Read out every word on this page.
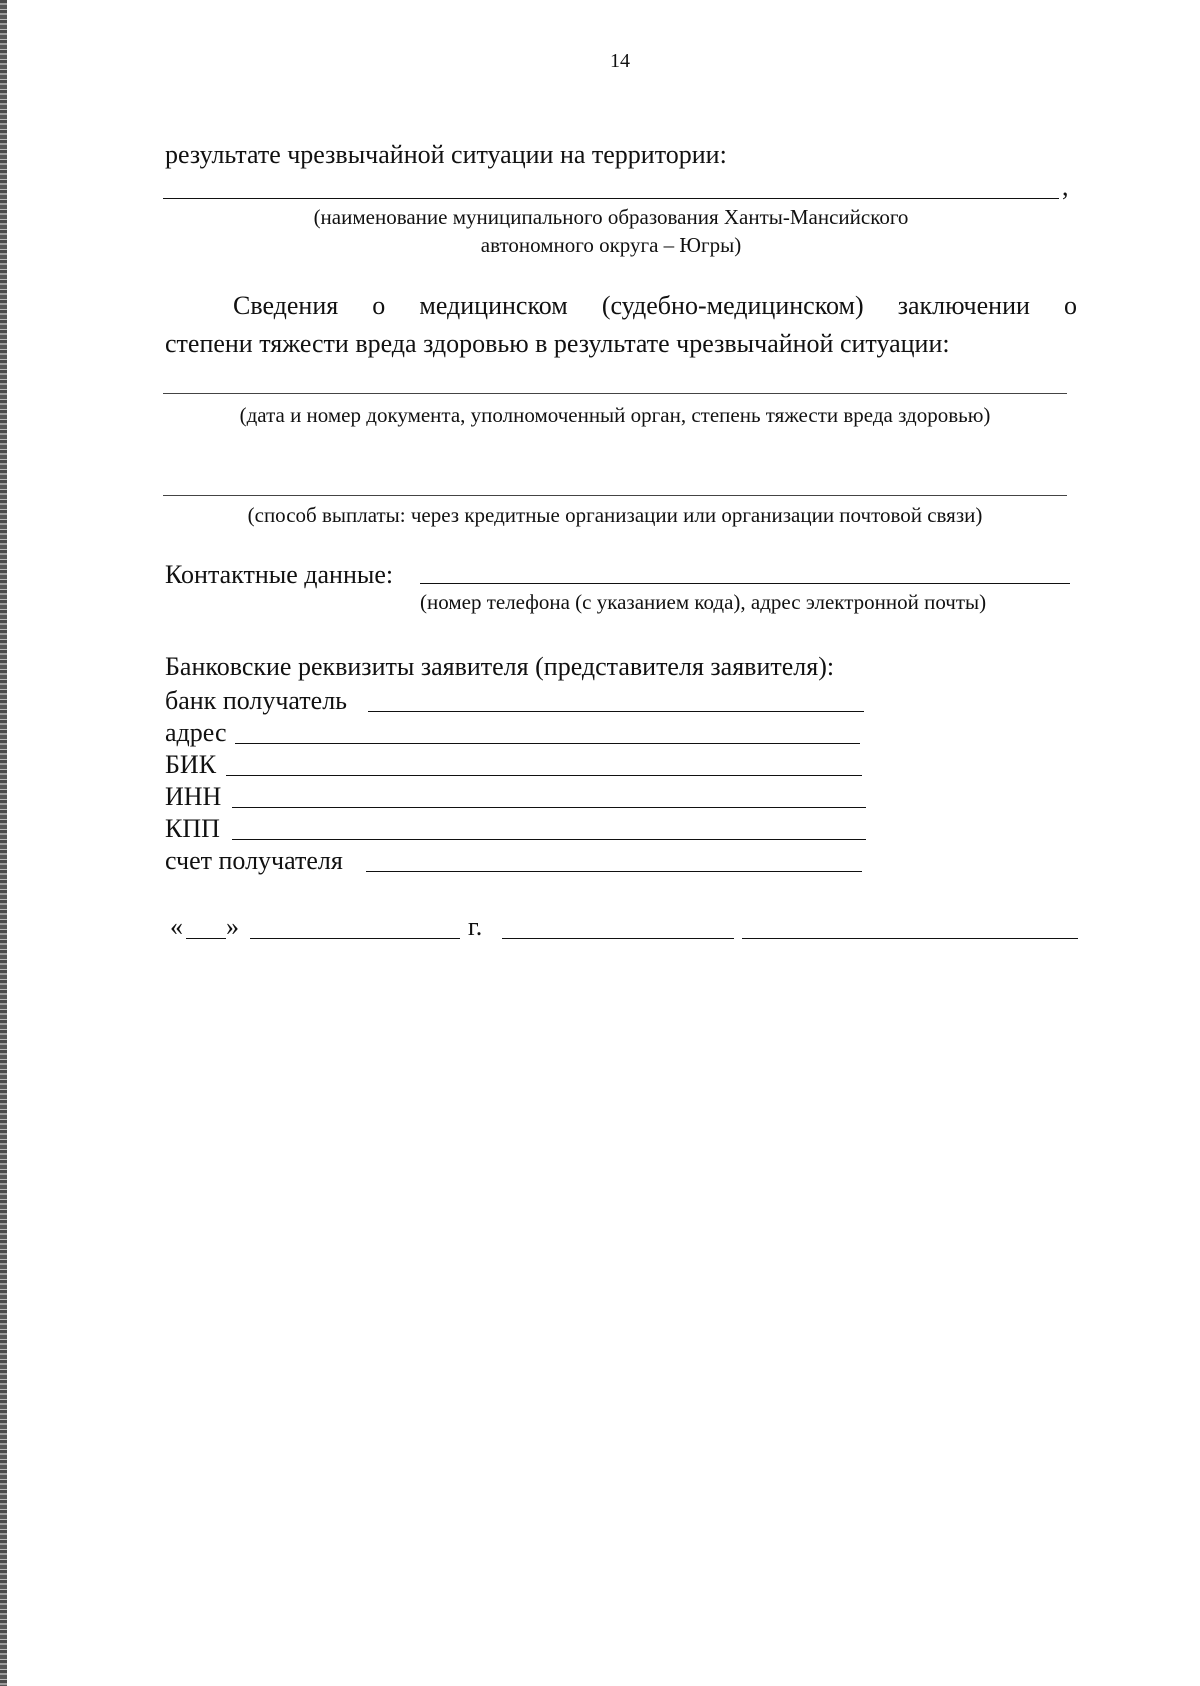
14
результате чрезвычайной ситуации на территории:
,
(наименование муниципального образования Ханты-Мансийского
автономного округа – Югры)
Сведения о медицинском (судебно-медицинском) заключении о
степени тяжести вреда здоровью в результате чрезвычайной ситуации:
(дата и номер документа, уполномоченный орган, степень тяжести вреда здоровью)
(способ выплаты: через кредитные организации или организации почтовой связи)
Контактные данные:
(номер телефона (с указанием кода), адрес электронной почты)
Банковские реквизиты заявителя (представителя заявителя):
банк получатель
адрес
БИК
ИНН
КПП
счет получателя
« »	г.
